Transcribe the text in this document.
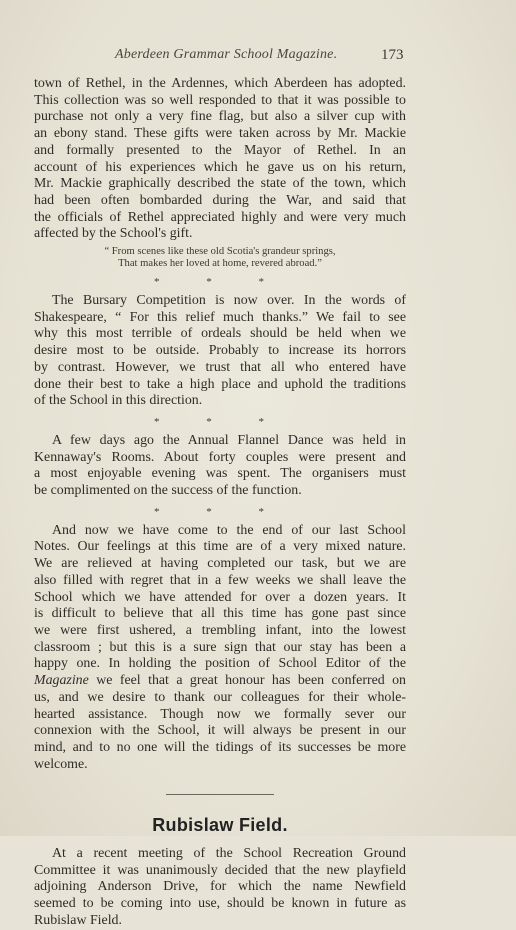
Aberdeen Grammar School Magazine.	173
town of Rethel, in the Ardennes, which Aberdeen has adopted.
This collection was so well responded to that it was possible to
purchase not only a very fine flag, but also a silver cup with
an ebony stand. These gifts were taken across by Mr. Mackie
and formally presented to the Mayor of Rethel. In an
account of his experiences which he gave us on his return,
Mr. Mackie graphically described the state of the town, which
had been often bombarded during the War, and said that
the officials of Rethel appreciated highly and were very much
affected by the School's gift.
“ From scenes like these old Scotia's grandeur springs,
That makes her loved at home, revered abroad.”
* * *
The Bursary Competition is now over. In the words of
Shakespeare, “ For this relief much thanks.” We fail to see
why this most terrible of ordeals should be held when we
desire most to be outside. Probably to increase its horrors
by contrast. However, we trust that all who entered have
done their best to take a high place and uphold the traditions
of the School in this direction.
* * *
A few days ago the Annual Flannel Dance was held in
Kennaway's Rooms. About forty couples were present and
a most enjoyable evening was spent. The organisers must
be complimented on the success of the function.
* * *
And now we have come to the end of our last School
Notes. Our feelings at this time are of a very mixed nature.
We are relieved at having completed our task, but we are
also filled with regret that in a few weeks we shall leave the
School which we have attended for over a dozen years. It
is difficult to believe that all this time has gone past since
we were first ushered, a trembling infant, into the lowest
classroom ; but this is a sure sign that our stay has been a
happy one. In holding the position of School Editor of the
Magazine we feel that a great honour has been conferred on
us, and we desire to thank our colleagues for their whole-
hearted assistance. Though now we formally sever our
connexion with the School, it will always be present in our
mind, and to no one will the tidings of its successes be more
welcome.
Rubislaw Field.
At a recent meeting of the School Recreation Ground
Committee it was unanimously decided that the new playfield
adjoining Anderson Drive, for which the name Newfield
seemed to be coming into use, should be known in future as
Rubislaw Field.
